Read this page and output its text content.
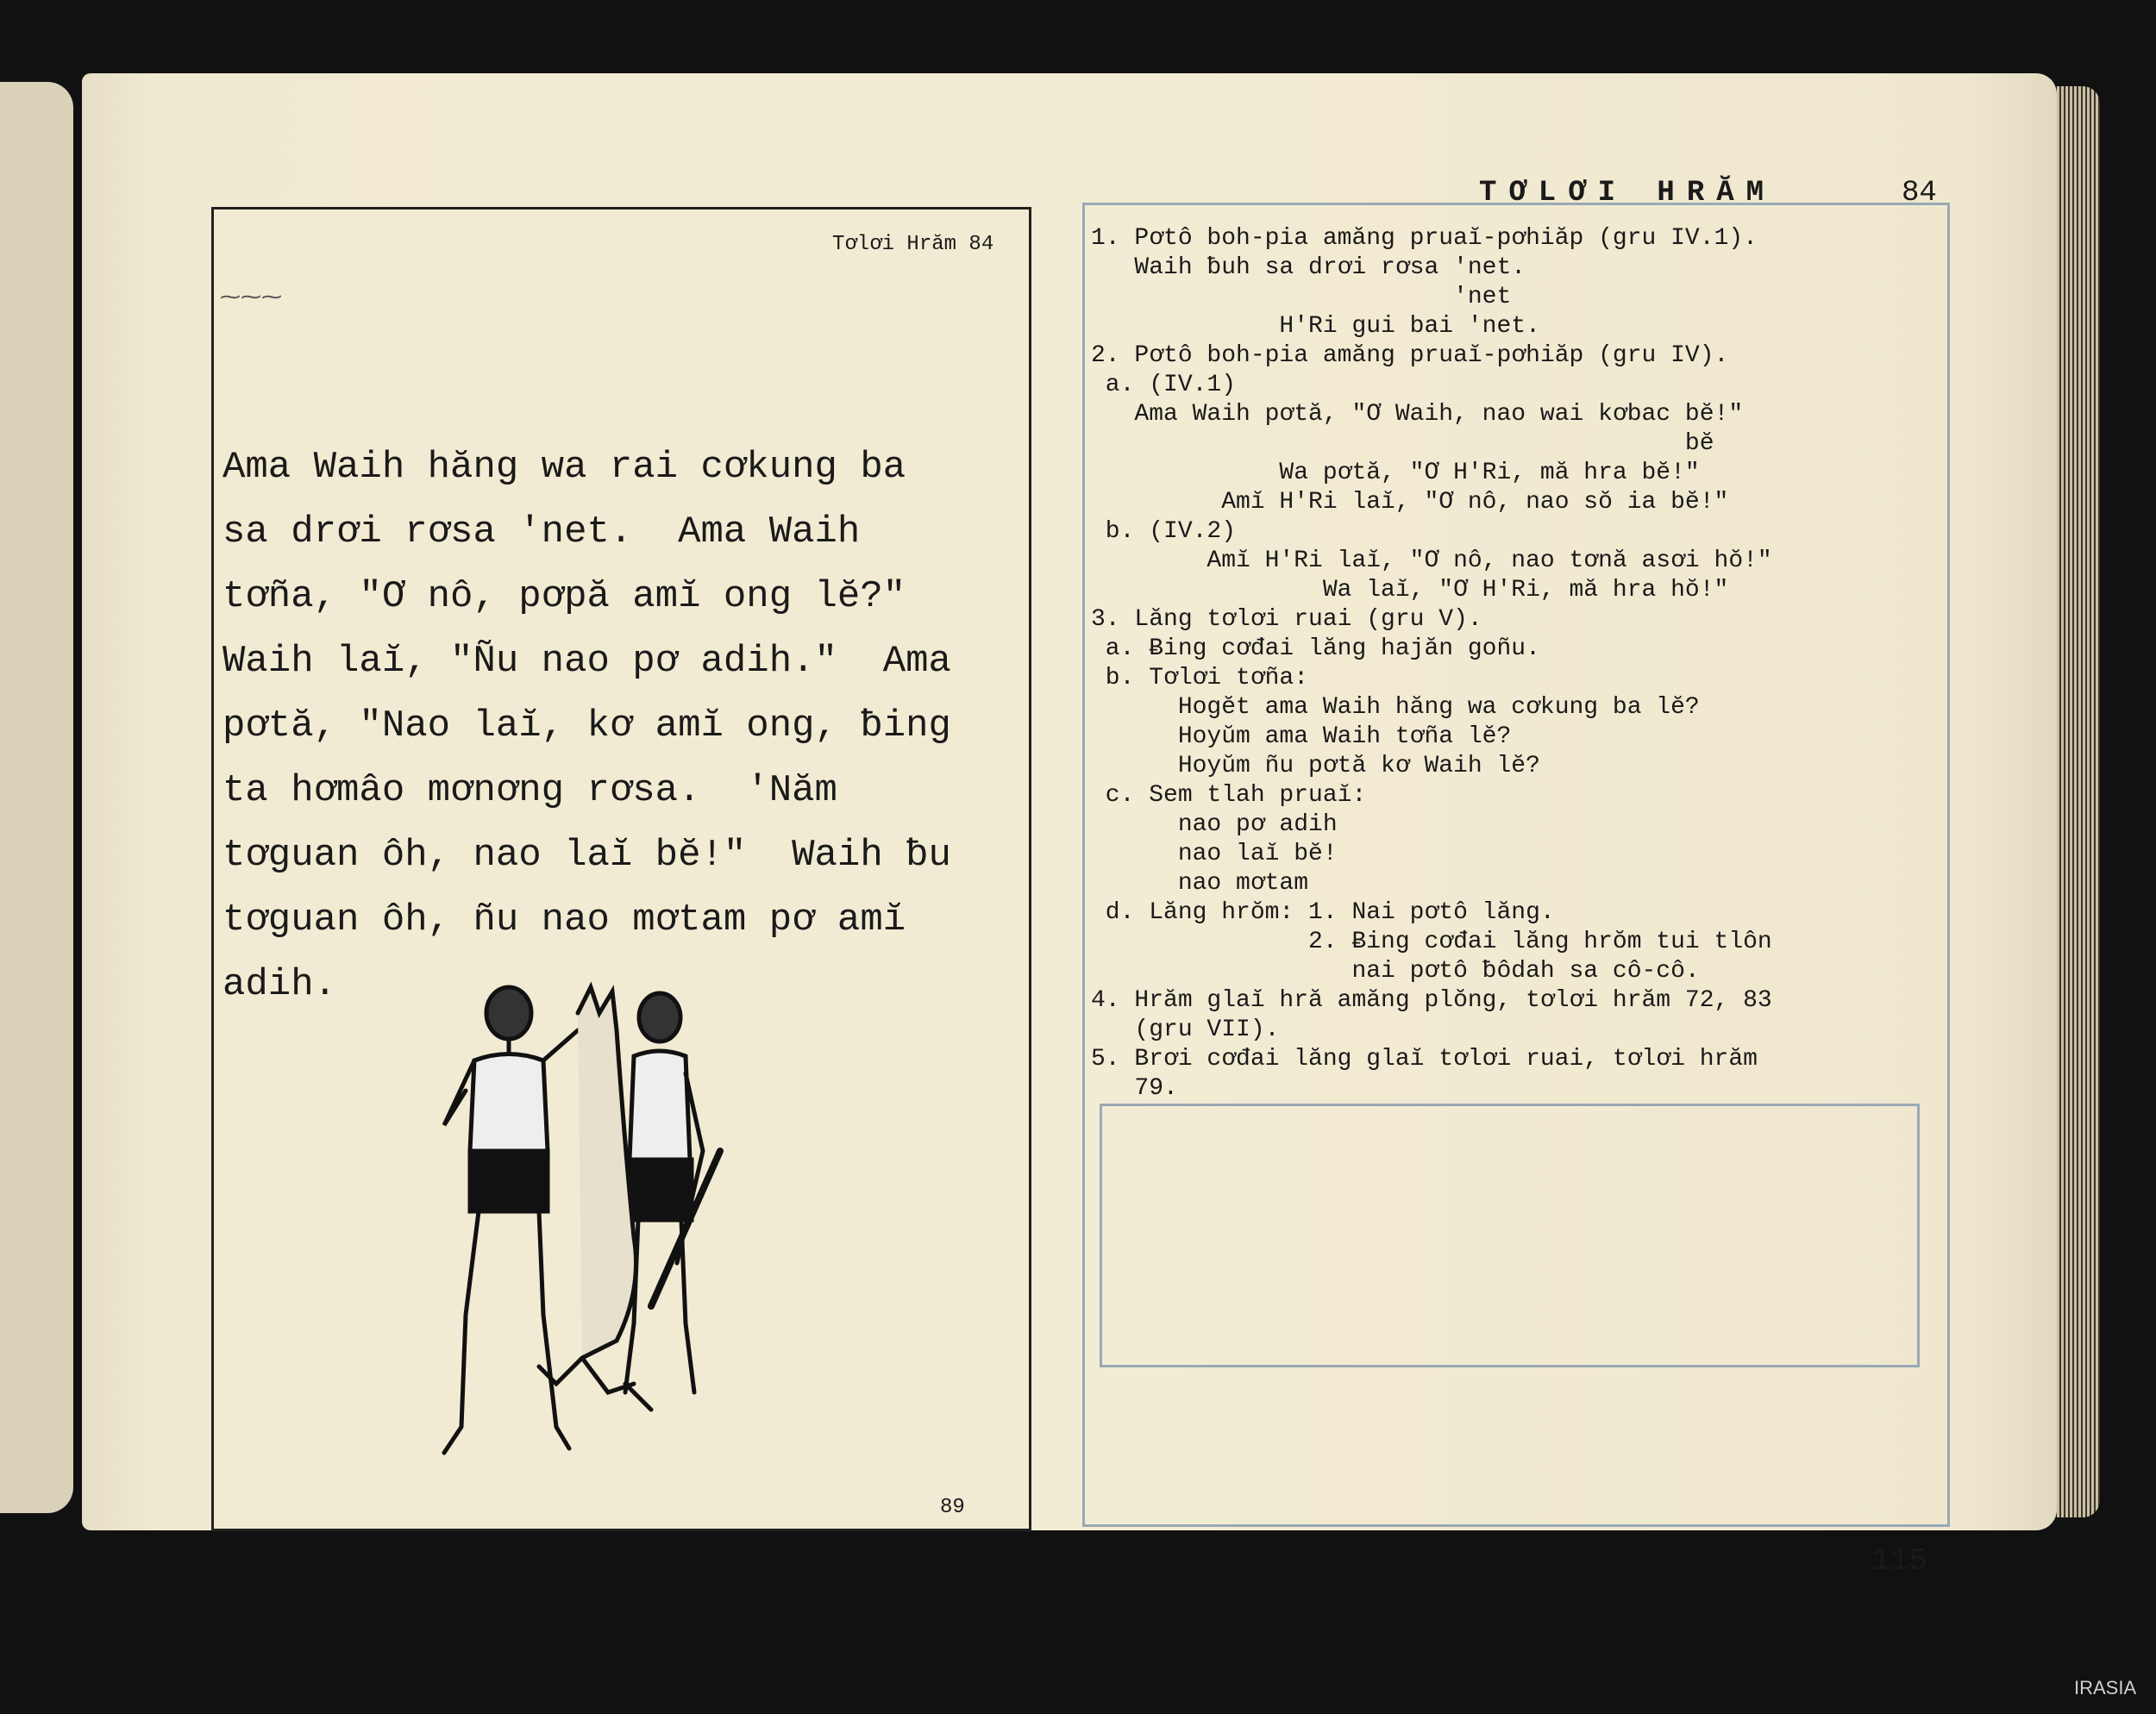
TƠLƠI HRĂM	84
⁓⁓⁓
Tơlơi Hrăm 84
Ama Waih hăng wa rai cơkung ba
sa drơi rơsa 'net.  Ama Waih
tơña, "Ơ nô, pơpă amĭ ong lĕ?"
Waih laĭ, "Ñu nao pơ adih."  Ama
pơtă, "Nao laĭ, kơ amĭ ong, ƀing
ta hơmâo mơnơng rơsa.  'Năm
tơguan ôh, nao laĭ bĕ!"  Waih ƀu
tơguan ôh, ñu nao mơtam pơ amĭ
adih.
89
1. Pơtô boh-pia amăng pruaĭ-pơhiăp (gru IV.1).
Waih ƀuh sa drơi rơsa 'net.
'net
H'Ri gui bai 'net.
2. Pơtô boh-pia amăng pruaĭ-pơhiăp (gru IV).
a. (IV.1)
Ama Waih pơtă, "Ơ Waih, nao wai kơbac bĕ!"
bĕ
Wa pơtă, "Ơ H'Ri, mă hra bĕ!"
Amĭ H'Ri laĭ, "Ơ nô, nao sŏ ia bĕ!"
b. (IV.2)
Amĭ H'Ri laĭ, "Ơ nô, nao tơnă asơi hŏ!"
Wa laĭ, "Ơ H'Ri, mă hra hŏ!"
3. Lăng tơlơi ruai (gru V).
a. Ƀing cơđai lăng hajăn goñu.
b. Tơlơi tơña:
Hogĕt ama Waih hăng wa cơkung ba lĕ?
Hoyŭm ama Waih tơña lĕ?
Hoyŭm ñu pơtă kơ Waih lĕ?
c. Sem tlah pruaĭ:
nao pơ adih
nao laĭ bĕ!
nao mơtam
d. Lăng hrŏm: 1. Nai pơtô lăng.
2. Ƀing cơđai lăng hrŏm tui tlôn
nai pơtô ƀôdah sa cô-cô.
4. Hrăm glaĭ hră amăng plŏng, tơlơi hrăm 72, 83
(gru VII).
5. Brơi cơđai lăng glaĭ tơlơi ruai, tơlơi hrăm
79.
115
IRASIA
